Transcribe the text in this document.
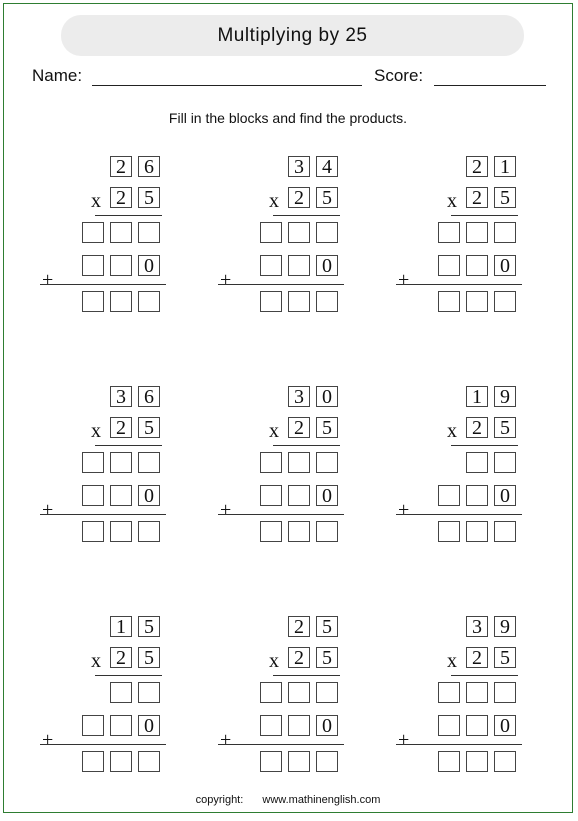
Multiplying by 25
Name:	Score:
Fill in the blocks and find the products.
2 6
x 2 5
+
0
3 4
x 2 5
+
0
2 1
x 2 5
+
0
3 6
x 2 5
+
0
3 0
x 2 5
+
0
1 9
x 2 5
+
0
1 5
x 2 5
+
0
2 5
x 2 5
+
0
3 9
x 2 5
+
0
copyright: www.mathinenglish.com
